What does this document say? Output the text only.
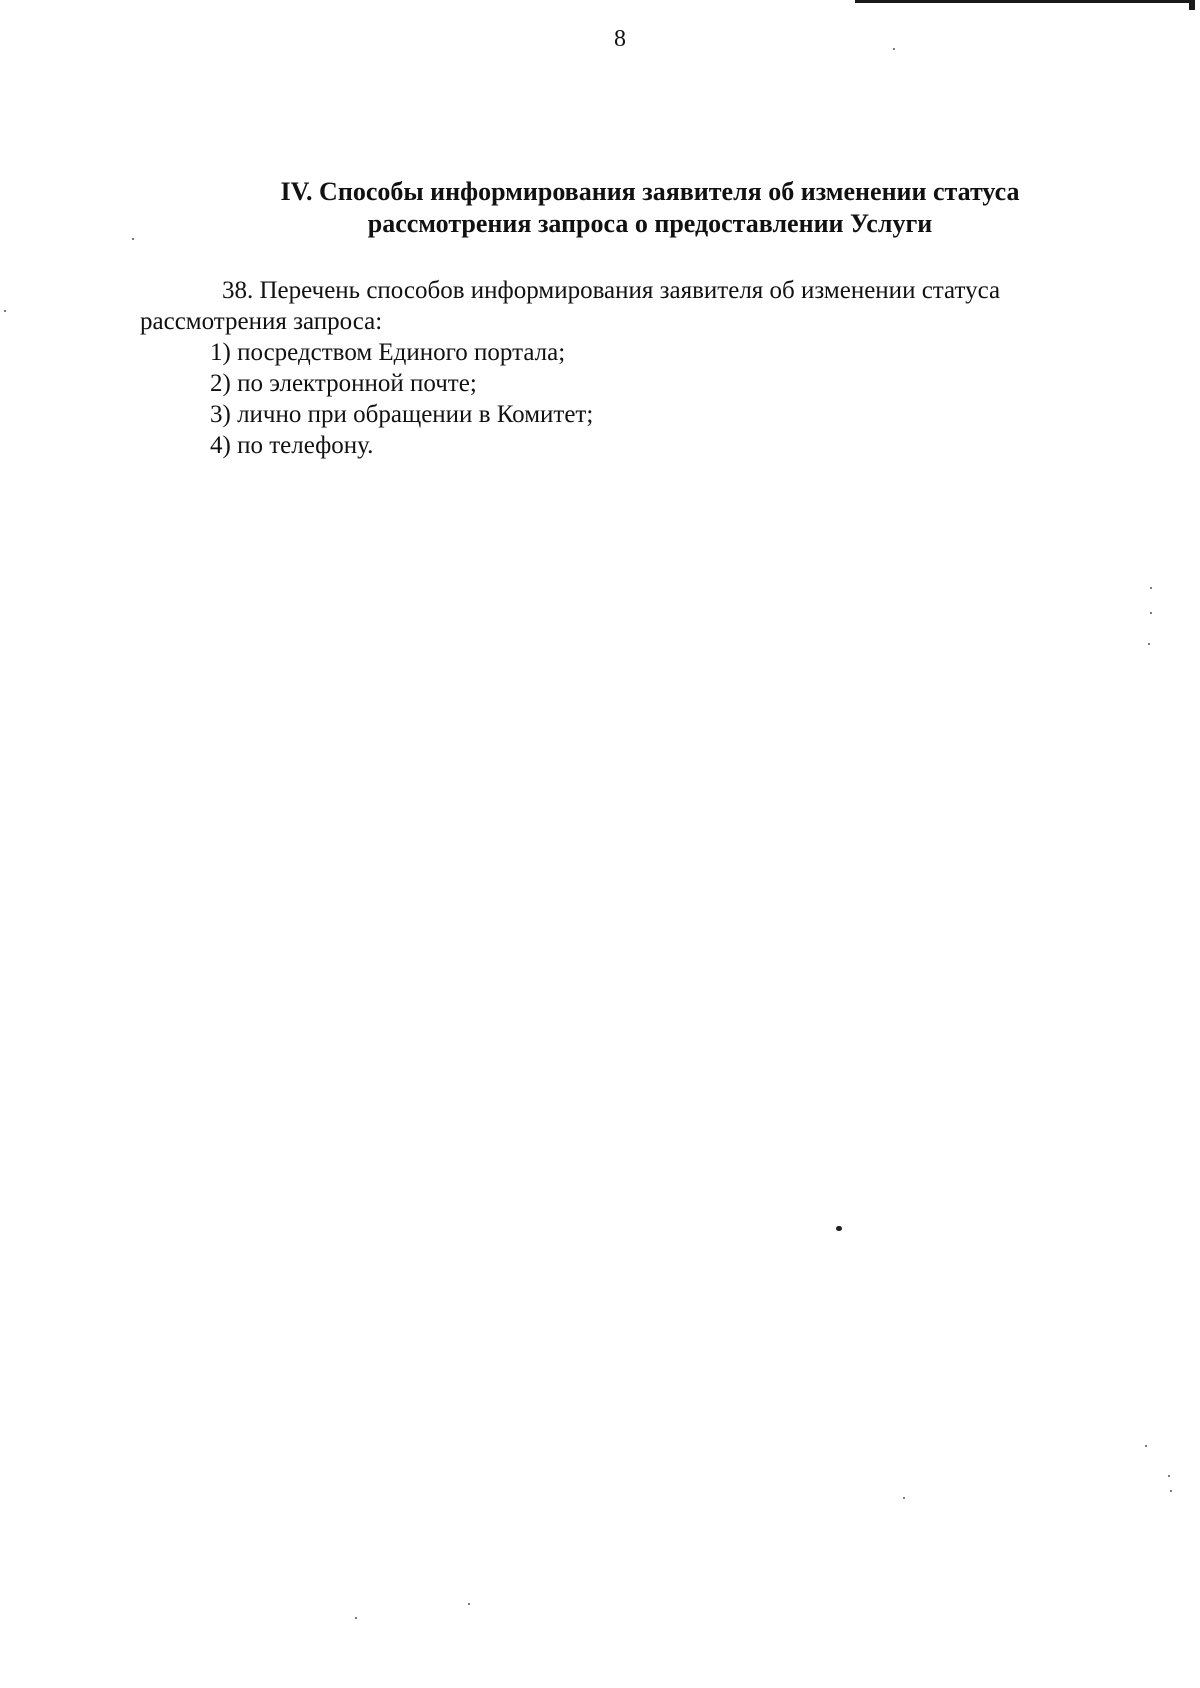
8
IV. Способы информирования заявителя об изменении статуса
рассмотрения запроса о предоставлении Услуги
38. Перечень способов информирования заявителя об изменении статуса
рассмотрения запроса:
1) посредством Единого портала;
2) по электронной почте;
3) лично при обращении в Комитет;
4) по телефону.
